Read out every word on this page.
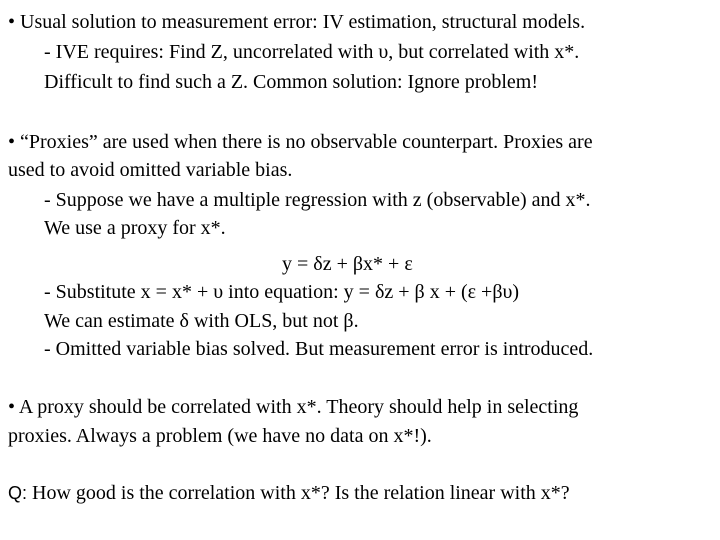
• Usual solution to measurement error: IV estimation, structural models.
- IVE requires: Find Z, uncorrelated with υ, but correlated with x*.
Difficult to find such a Z. Common solution: Ignore problem!
• “Proxies” are used when there is no observable counterpart. Proxies are
used to avoid omitted variable bias.
- Suppose we have a multiple regression with z (observable) and x*.
We use a proxy for x*.
y = δz + βx* + ε
- Substitute x = x* + υ into equation: y = δz + β x + (ε +βυ)
We can estimate δ with OLS, but not β.
- Omitted variable bias solved. But measurement error is introduced.
• A proxy should be correlated with x*. Theory should help in selecting
proxies. Always a problem (we have no data on x*!).
Q: How good is the correlation with x*? Is the relation linear with x*?
